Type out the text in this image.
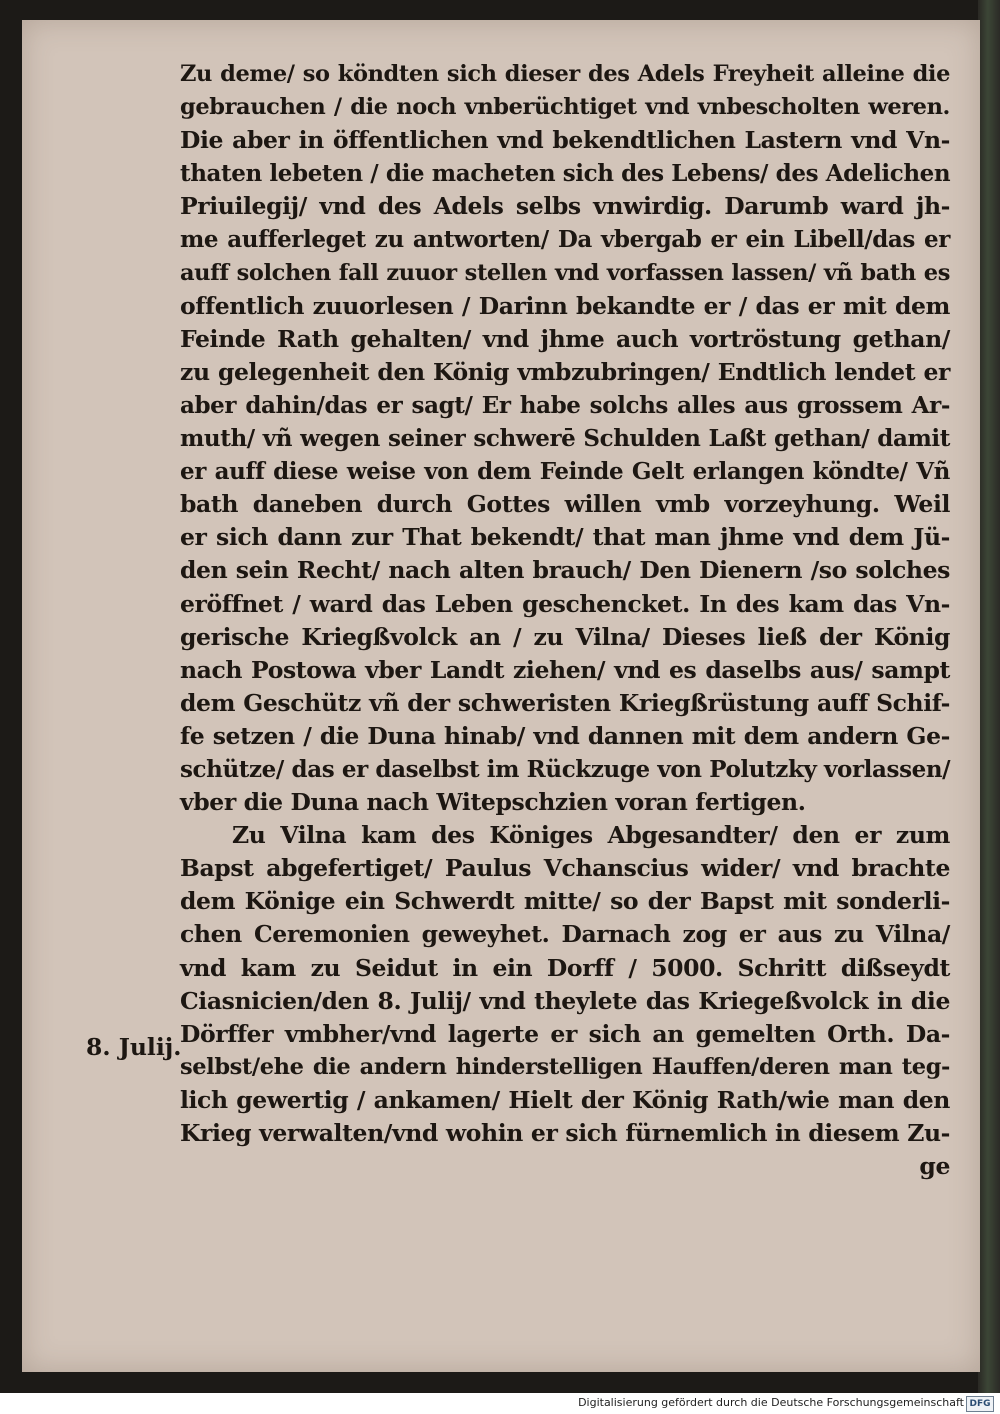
8. Julij.
Zu deme/ so köndten sich dieser des Adels Freyheit alleine die
gebrauchen / die noch vnberüchtiget vnd vnbescholten weren.
Die aber in öffentlichen vnd bekendtlichen Lastern vnd Vn-
thaten lebeten / die macheten sich des Lebens/ des Adelichen
Priuilegij/ vnd des Adels selbs vnwirdig. Darumb ward jh-
me aufferleget zu antworten/ Da vbergab er ein Libell/das er
auff solchen fall zuuor stellen vnd vorfassen lassen/ vñ bath es
offentlich zuuorlesen / Darinn bekandte er / das er mit dem
Feinde Rath gehalten/ vnd jhme auch vortröstung gethan/
zu gelegenheit den König vmbzubringen/ Endtlich lendet er
aber dahin/das er sagt/ Er habe solchs alles aus grossem Ar-
muth/ vñ wegen seiner schwerē Schulden Laßt gethan/ damit
er auff diese weise von dem Feinde Gelt erlangen köndte/ Vñ
bath daneben durch Gottes willen vmb vorzeyhung. Weil
er sich dann zur That bekendt/ that man jhme vnd dem Jü-
den sein Recht/ nach alten brauch/ Den Dienern /so solches
eröffnet / ward das Leben geschencket. In des kam das Vn-
gerische Kriegßvolck an / zu Vilna/ Dieses ließ der König
nach Postowa vber Landt ziehen/ vnd es daselbs aus/ sampt
dem Geschütz vñ der schweristen Kriegßrüstung auff Schif-
fe setzen / die Duna hinab/ vnd dannen mit dem andern Ge-
schütze/ das er daselbst im Rückzuge von Polutzky vorlassen/
vber die Duna nach Witepschzien voran fertigen.
Zu Vilna kam des Königes Abgesandter/ den er zum
Bapst abgefertiget/ Paulus Vchanscius wider/ vnd brachte
dem Könige ein Schwerdt mitte/ so der Bapst mit sonderli-
chen Ceremonien geweyhet. Darnach zog er aus zu Vilna/
vnd kam zu Seidut in ein Dorff / 5000. Schritt dißseydt
Ciasnicien/den 8. Julij/ vnd theylete das Kriegeßvolck in die
Dörffer vmbher/vnd lagerte er sich an gemelten Orth. Da-
selbst/ehe die andern hinderstelligen Hauffen/deren man teg-
lich gewertig / ankamen/ Hielt der König Rath/wie man den
Krieg verwalten/vnd wohin er sich fürnemlich in diesem Zu-
ge
Digitalisierung gefördert durch die Deutsche Forschungsgemeinschaft DFG
